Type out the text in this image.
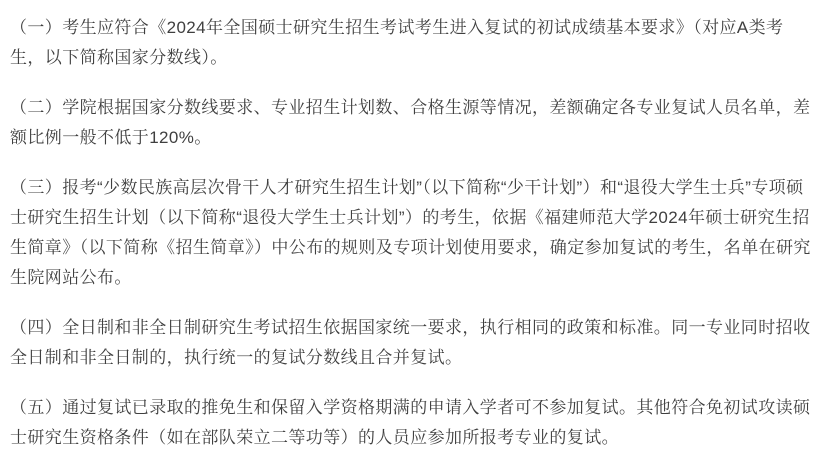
（一）考生应符合《2024年全国硕士研究生招生考试考生进入复试的初试成绩基本要求》（对应A类考生，以下简称国家分数线）。

（二）学院根据国家分数线要求、专业招生计划数、合格生源等情况，差额确定各专业复试人员名单，差额比例一般不低于120%。

（三）报考“少数民族高层次骨干人才研究生招生计划”（以下简称“少干计划”）和“退役大学生士兵”专项硕士研究生招生计划（以下简称“退役大学生士兵计划”）的考生，依据《福建师范大学2024年硕士研究生招生简章》（以下简称《招生简章》）中公布的规则及专项计划使用要求，确定参加复试的考生，名单在研究生院网站公布。

（四）全日制和非全日制研究生考试招生依据国家统一要求，执行相同的政策和标准。同一专业同时招收全日制和非全日制的，执行统一的复试分数线且合并复试。

（五）通过复试已录取的推免生和保留入学资格期满的申请入学者可不参加复试。其他符合免初试攻读硕士研究生资格条件（如在部队荣立二等功等）的人员应参加所报考专业的复试。
